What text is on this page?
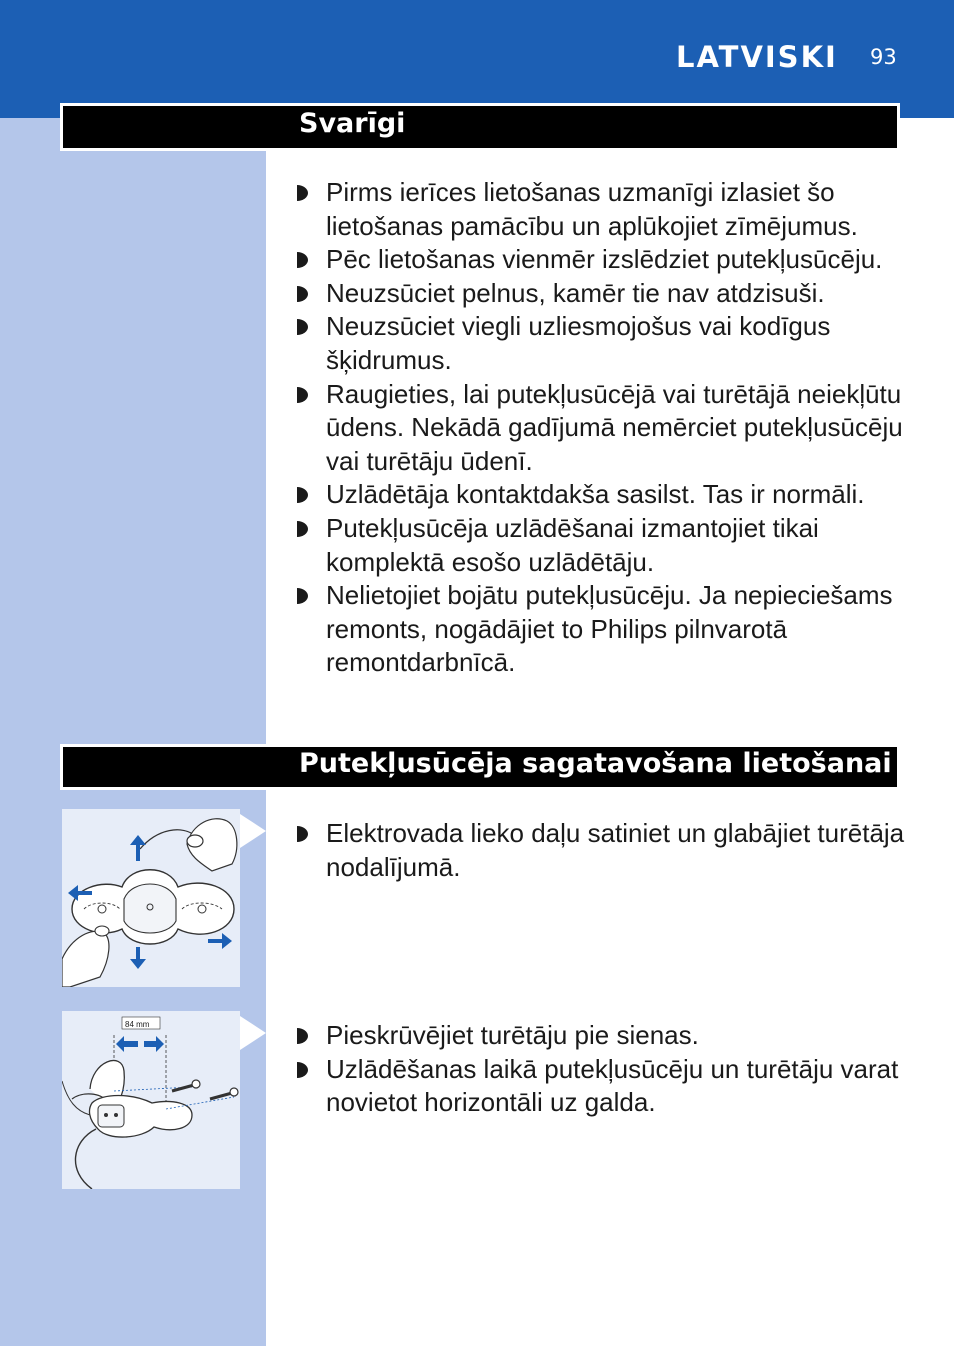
LATVISKI 93
Svarīgi
Pirms ierīces lietošanas uzmanīgi izlasiet šo lietošanas pamācību un aplūkojiet zīmējumus.
Pēc lietošanas vienmēr izslēdziet putekļusūcēju.
Neuzsūciet pelnus, kamēr tie nav atdzisuši.
Neuzsūciet viegli uzliesmojošus vai kodīgus šķidrumus.
Raugieties, lai putekļusūcējā vai turētājā neiekļūtu ūdens. Nekādā gadījumā nemērciet putekļusūcēju vai turētāju ūdenī.
Uzlādētāja kontaktdakša sasilst. Tas ir normāli.
Putekļusūcēja uzlādēšanai izmantojiet tikai komplektā esošo uzlādētāju.
Nelietojiet bojātu putekļusūcēju. Ja nepieciešams remonts, nogādājiet to Philips pilnvarotā remontdarbnīcā.
Putekļusūcēja sagatavošana lietošanai
Elektrovada lieko daļu satiniet un glabājiet turētāja nodalījumā.
84 mm	Pieskrūvējiet turētāju pie sienas.
Uzlādēšanas laikā putekļusūcēju un turētāju varat novietot horizontāli uz galda.
